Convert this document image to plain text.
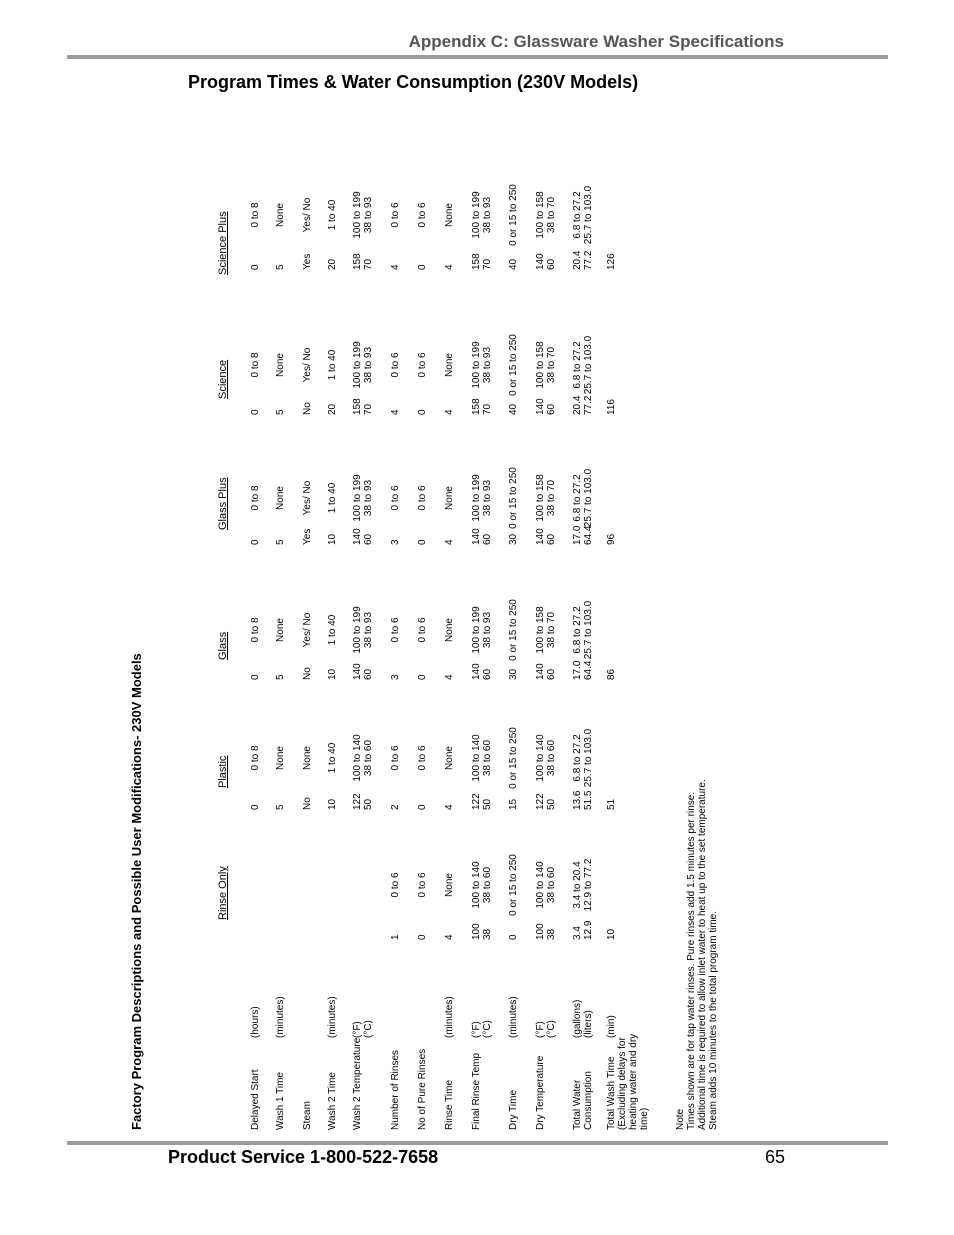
Appendix C: Glassware Washer Specifications
Program Times & Water Consumption (230V Models)
Factory Program Descriptions and Possible User Modifications- 230V Models	Rinse Only
Plastic
Glass
Glass Plus
Science
Science Plus
Delayed Start
(hours)
0
0 to 8
0
0 to 8
0
0 to 8
0
0 to 8
0
0 to 8
Wash 1 Time
(minutes)
5
None
5
None
5
None
5
None
5
None
Steam
No
None
No
Yes/ No
Yes
Yes/ No
No
Yes/ No
Yes
Yes/ No
Wash 2 Time
(minutes)
10
1 to 40
10
1 to 40
10
1 to 40
20
1 to 40
20
1 to 40
Wash 2 Temperature
(°F) (°C)
122 50
100 to 140 38 to 60
140 60
100 to 199 38 to 93
140 60
100 to 199 38 to 93
158 70
100 to 199 38 to 93
158 70
100 to 199 38 to 93
Number of Rinses
1
0 to 6
2
0 to 6
3
0 to 6
3
0 to 6
4
0 to 6
4
0 to 6
No of Pure Rinses
0
0 to 6
0
0 to 6
0
0 to 6
0
0 to 6
0
0 to 6
0
0 to 6
Rinse Time
(minutes)
4
None
4
None
4
None
4
None
4
None
4
None
Final Rinse Temp
(°F) (°C)
100 38
100 to 140 38 to 60
122 50
100 to 140 38 to 60
140 60
100 to 199 38 to 93
140 60
100 to 199 38 to 93
158 70
100 to 199 38 to 93
158 70
100 to 199 38 to 93
Dry Time
(minutes)
0
0 or 15 to 250
15
0 or 15 to 250
30
0 or 15 to 250
30
0 or 15 to 250
40
0 or 15 to 250
40
0 or 15 to 250
Dry Temperature
(°F) (°C)
100 38
100 to 140 38 to 60
122 50
100 to 140 38 to 60
140 60
100 to 158 38 to 70
140 60
100 to 158 38 to 70
140 60
100 to 158 38 to 70
140 60
100 to 158 38 to 70
Total Water Consumption
(gallons) (liters)
3.4 12.9
3.4 to 20.4 12.9 to 77.2
13.6 51.5
6.8 to 27.2 25.7 to 103.0
17.0 64.4
6.8 to 27.2 25.7 to 103.0
17.0 64.4
6.8 to 27.2 25.7 to 103.0
20.4 77.2
6.8 to 27.2 25.7 to 103.0
20.4 77.2
6.8 to 27.2 25.7 to 103.0
Total Wash Time (Excluding delays for heating water and dry time)
(min)
10
51
86
96
116
126
Note Times shown are for tap water rinses. Pure rinses add 1.5 minutes per rinse. Additional time is required to allow inlet water to heat up to the set temperature. Steam adds 10 minutes to the total program time.
Product Service 1-800-522-7658	65
